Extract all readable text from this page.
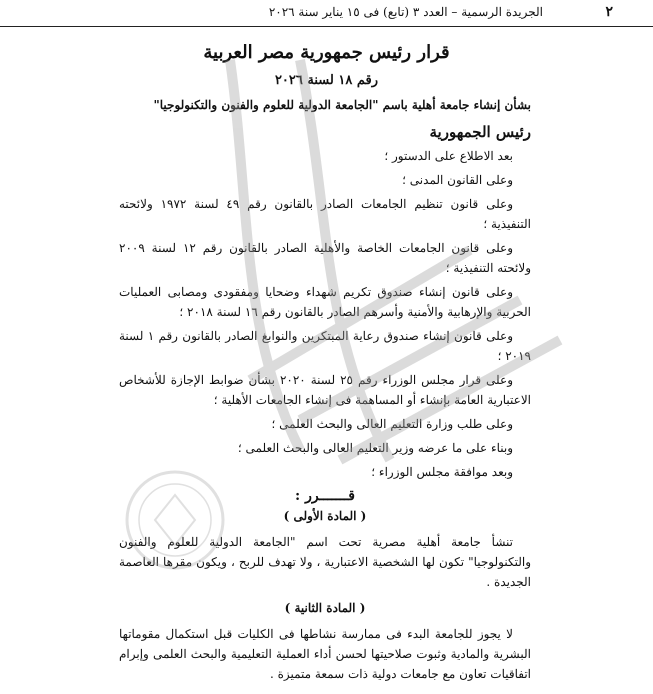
٢
الجريدة الرسمية – العدد ٣ (تابع) فى ١٥ يناير سنة ٢٠٢٦
قرار رئيس جمهورية مصر العربية
رقم ١٨ لسنة ٢٠٢٦
بشأن إنشاء جامعة أهلية باسم "الجامعة الدولية للعلوم والفنون والتكنولوجيا"
رئيس الجمهورية

بعد الاطلاع على الدستور ؛

وعلى القانون المدنى ؛

وعلى قانون تنظيم الجامعات الصادر بالقانون رقم ٤٩ لسنة ١٩٧٢ ولائحته التنفيذية ؛

وعلى قانون الجامعات الخاصة والأهلية الصادر بالقانون رقم ١٢ لسنة ٢٠٠٩ ولائحته التنفيذية ؛

وعلى قانون إنشاء صندوق تكريم شهداء وضحايا ومفقودى ومصابى العمليات الحربية والإرهابية والأمنية وأسرهم الصادر بالقانون رقم ١٦ لسنة ٢٠١٨ ؛

وعلى قانون إنشاء صندوق رعاية المبتكرين والنوابغ الصادر بالقانون رقم ١ لسنة ٢٠١٩ ؛

وعلى قرار مجلس الوزراء رقم ٢٥ لسنة ٢٠٢٠ بشأن ضوابط الإجازة للأشخاص الاعتبارية العامة بإنشاء أو المساهمة فى إنشاء الجامعات الأهلية ؛

وعلى طلب وزارة التعليم العالى والبحث العلمى ؛

وبناء على ما عرضه وزير التعليم العالى والبحث العلمى ؛

وبعد موافقة مجلس الوزراء ؛

قـــــــرر :
( المادة الأولى )

تنشأ جامعة أهلية مصرية تحت اسم "الجامعة الدولية للعلوم والفنون والتكنولوجيا" تكون لها الشخصية الاعتبارية ، ولا تهدف للربح ، ويكون مقرها العاصمة الجديدة .

( المادة الثانية )

لا يجوز للجامعة البدء فى ممارسة نشاطها فى الكليات قبل استكمال مقوماتها البشرية والمادية وثبوت صلاحيتها لحسن أداء العملية التعليمية والبحث العلمى وإبرام اتفاقيات تعاون مع جامعات دولية ذات سمعة متميزة .
